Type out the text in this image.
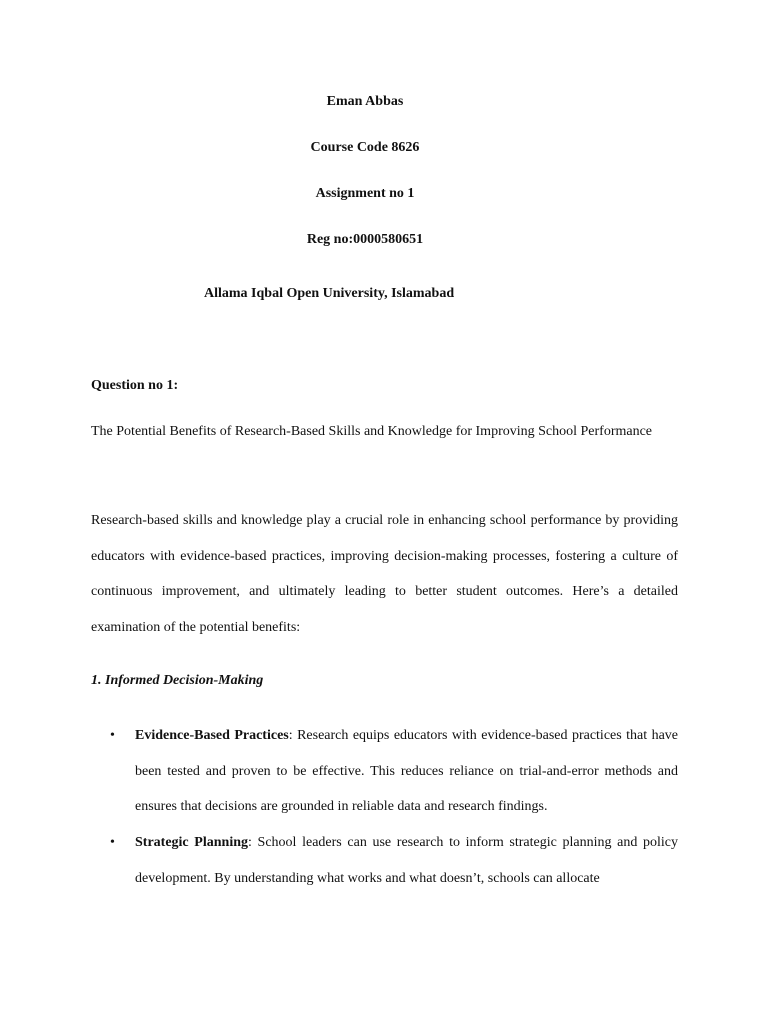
Eman Abbas
Course Code 8626
Assignment no 1
Reg no:0000580651
Allama Iqbal Open University, Islamabad
Question no 1:
The Potential Benefits of Research-Based Skills and Knowledge for Improving School Performance
Research-based skills and knowledge play a crucial role in enhancing school performance by providing educators with evidence-based practices, improving decision-making processes, fostering a culture of continuous improvement, and ultimately leading to better student outcomes. Here’s a detailed examination of the potential benefits:
1. Informed Decision-Making
•	Evidence-Based Practices: Research equips educators with evidence-based practices that have been tested and proven to be effective. This reduces reliance on trial-and-error methods and ensures that decisions are grounded in reliable data and research findings.
•	Strategic Planning: School leaders can use research to inform strategic planning and policy development. By understanding what works and what doesn’t, schools can allocate
